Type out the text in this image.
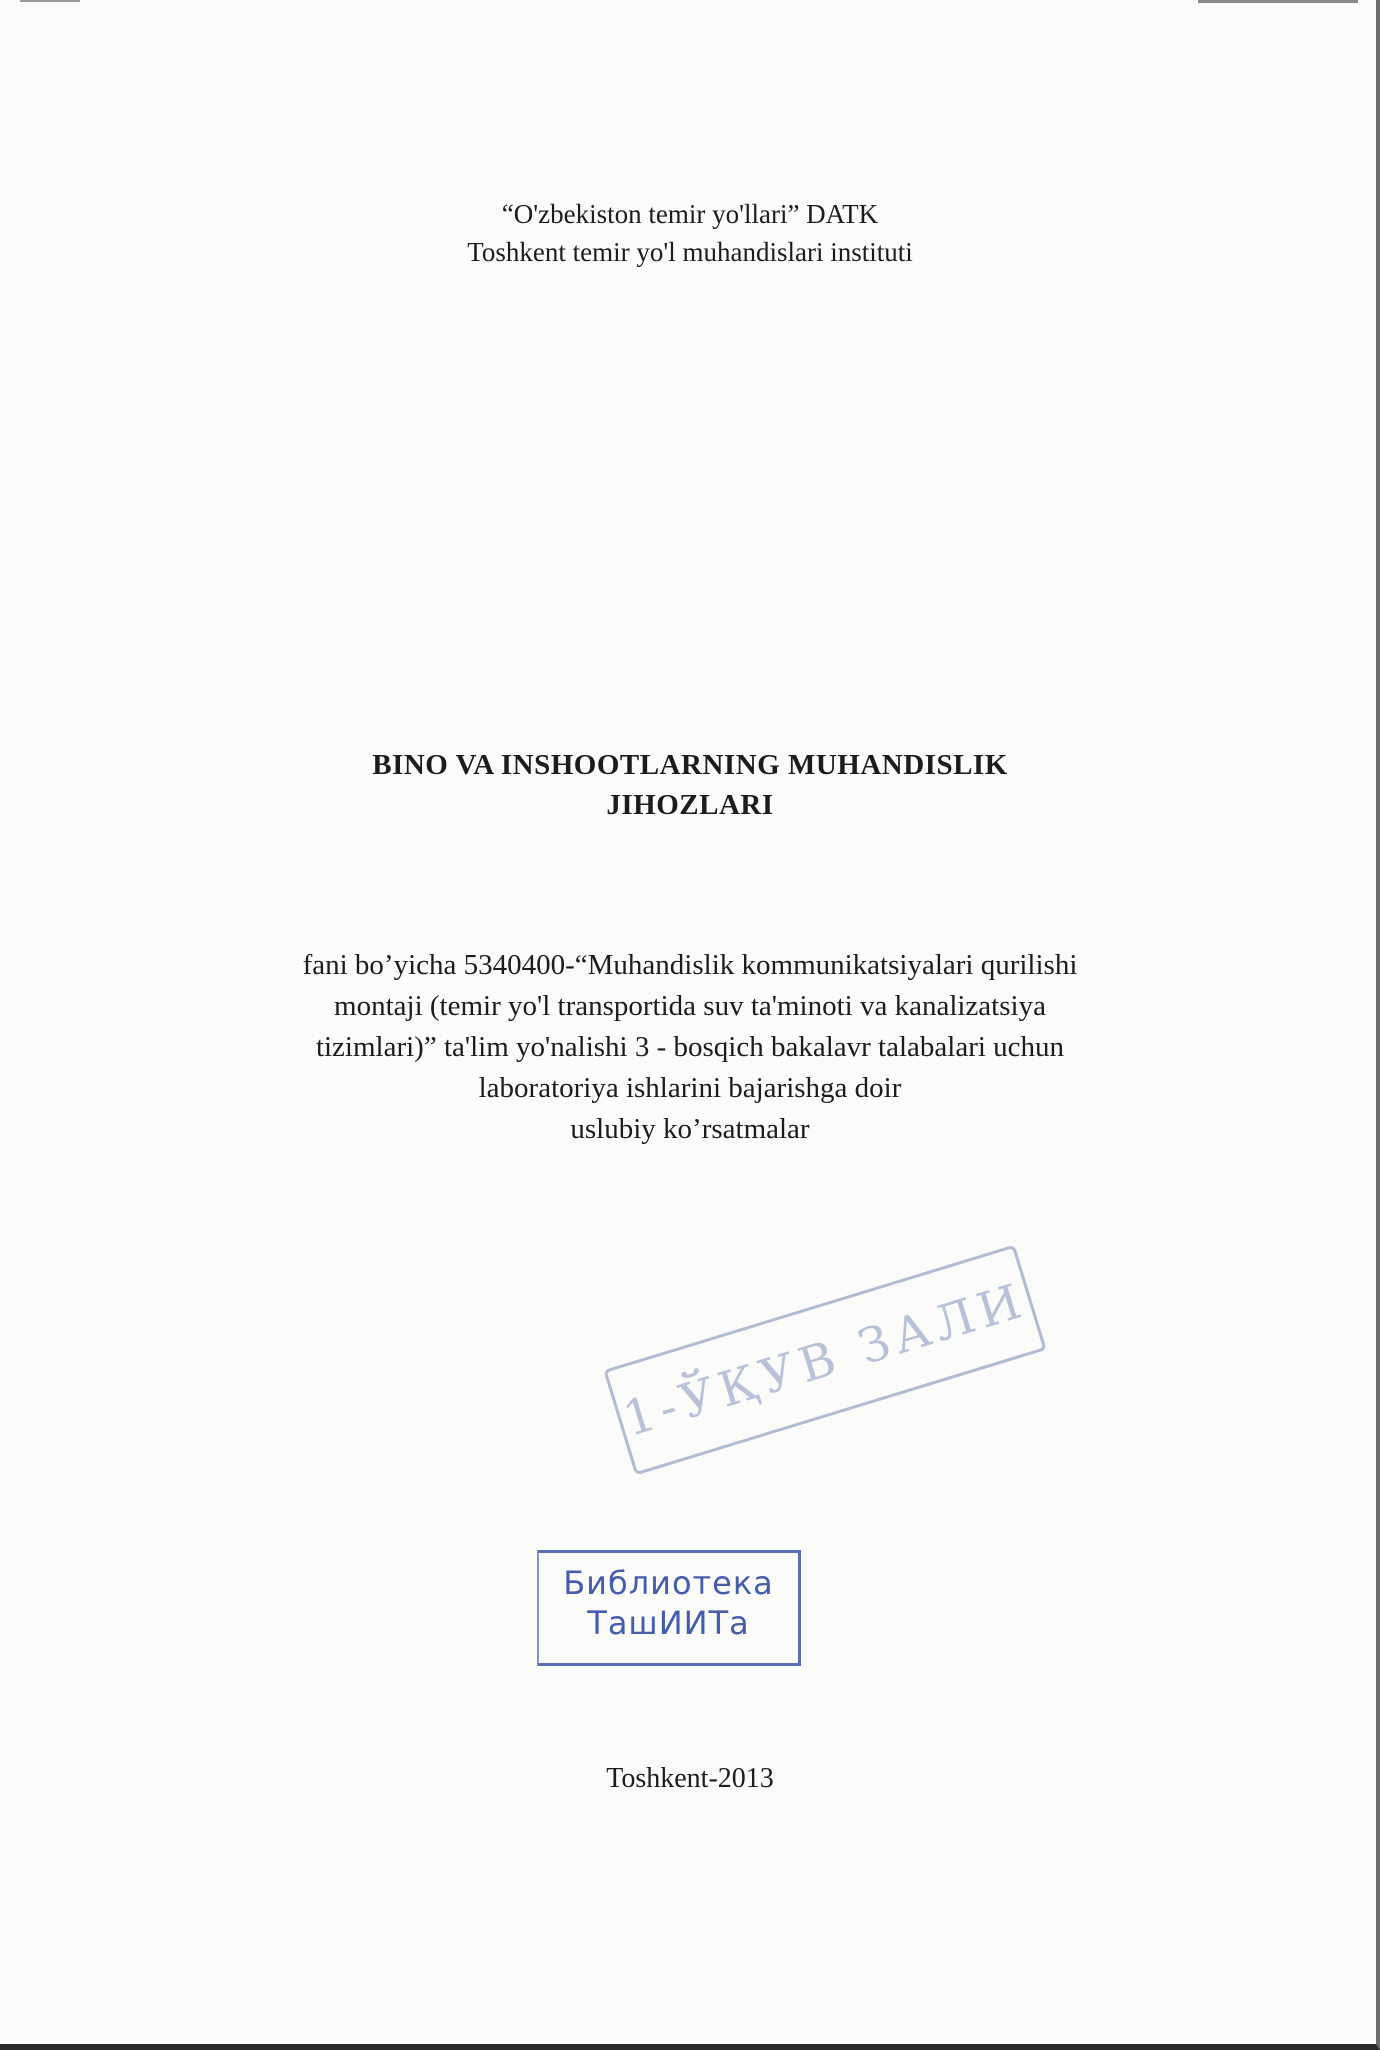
“O'zbekiston temir yo'llari” DATK
Toshkent temir yo'l muhandislari instituti
BINO VA INSHOOTLARNING MUHANDISLIK
JIHOZLARI
fani bo’yicha 5340400-“Muhandislik kommunikatsiyalari qurilishi
montaji (temir yo'l transportida suv ta'minoti va kanalizatsiya
tizimlari)” ta'lim yo'nalishi 3 - bosqich bakalavr talabalari uchun
laboratoriya ishlarini bajarishga doir
uslubiy ko’rsatmalar
1-ЎҚУВ ЗАЛИ
Библиотека
ТашИИТа
Toshkent-2013
